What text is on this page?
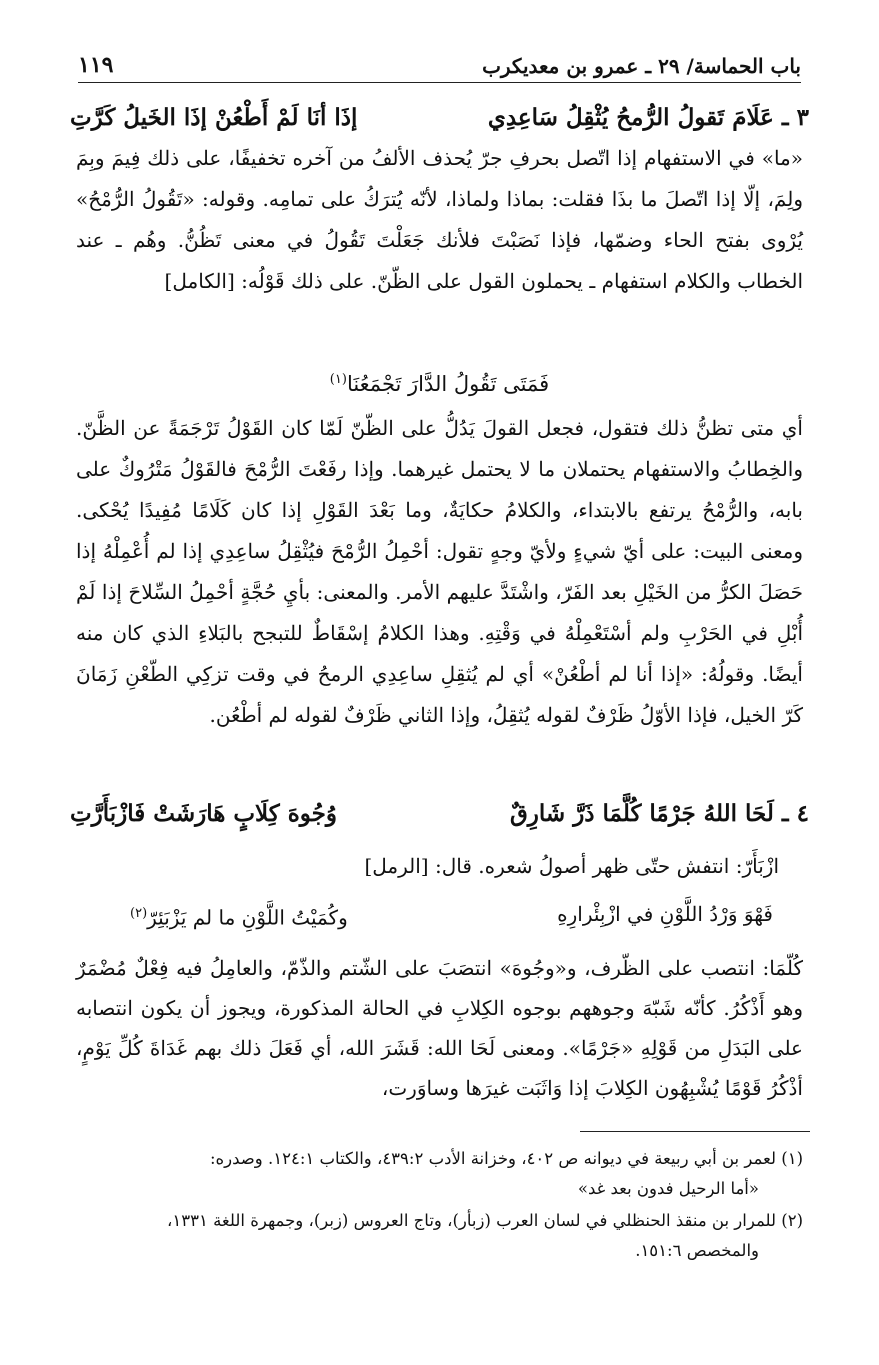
باب الحماسة/ ٢٩ ـ عمرو بن معديكرب
١١٩
٣ ـ عَلَامَ تَقولُ الرُّمحُ يُثْقِلُ سَاعِدِي
إذَا أنَا لَمْ أَطْعُنْ إذَا الخَيلُ كَرَّتِ

«ما» في الاستفهام إذا اتّصل بحرفِ جرّ يُحذف الألفُ من آخره تخفيفًا، على ذلك فِيمَ وبِمَ ولِمَ، إلّا إذا اتّصلَ ما بذَا فقلت: بماذا ولماذا، لأنّه يُترَكُ على تمامِه. وقوله: «تَقُولُ الرُّمْحُ» يُرْوى بفتح الحاء وضمّها، فإذا نَصَبْتَ فلأنك جَعَلْتَ تَقُولُ في معنى تَظُنُّ. وهُم ـ عند الخطاب والكلام استفهام ـ يحملون القول على الظّنّ. على ذلك قَوْلُه: [الكامل]

فَمَتَى تَقُولُ الدَّارَ تَجْمَعُنَا$^{(١)}$

أي متى تظنُّ ذلك فتقول، فجعل القولَ يَدُلُّ على الظّنّ لَمّا كان القَوْلُ تَرْجَمَةً عن الظَّنّ. والخِطابُ والاستفهام يحتملان ما لا يحتمل غيرهما. وإذا رفَعْتَ الرُّمْحَ فالقَوْلُ مَتْرُوكٌ على بابه، والرُّمْحُ يرتفع بالابتداء، والكلامُ حكايَةٌ، وما بَعْدَ القَوْلِ إذا كان كَلَامًا مُفِيدًا يُحْكى. ومعنى البيت: على أيّ شيءٍ ولأيّ وجهٍ تقول: أحْمِلُ الرُّمْحَ فيُثْقِلُ ساعِدِي إذا لم أُعْمِلْهُ إذا حَصَلَ الكرُّ من الخَيْلِ بعد الفَرّ، واشْتَدَّ عليهم الأمر. والمعنى: بأيِ حُجَّةٍ أحْمِلُ السِّلاحَ إذا لَمْ أُبْلِ في الحَرْبِ ولم أسْتَعْمِلْهُ في وَقْتِهِ. وهذا الكلامُ إسْقَاطٌ للتبجح بالبَلاءِ الذي كان منه أيضًا. وقولُهُ: «إذا أنا لم أطْعُنْ» أي لم يُثقِلِ ساعِدِي الرمحُ في وقت تزكِي الطّعْنِ زَمَانَ كَرّ الخيل، فإذا الأوّلُ ظَرْفٌ لقوله يُثقِلُ، وإذا الثاني ظَرْفٌ لقوله لم أطْعُن.

٤ ـ لَحَا اللهُ جَرْمًا كُلَّمَا ذَرَّ شَارِقٌ
وُجُوهَ كِلَابٍ هَارَشَتْ فَازْبَأَرَّتِ
ازْبَأَرّ: انتفش حتّى ظهر أصولُ شعره. قال: [الرمل]
فَهْوَ وَرْدُ اللَّوْنِ في ازْبِئْرارِهِ
وكُمَيْتُ اللَّوْنِ ما لم يَزْبَئِرّ$^{(٢)}$

كُلّمَا: انتصب على الظّرف، و«وجُوهَ» انتصَبَ على الشّتم والذّمّ، والعامِلُ فيه فِعْلٌ مُضْمَرٌ وهو أَذْكُرُ. كأنّه شَبّهَ وجوههم بوجوه الكِلابِ في الحالة المذكورة، ويجوز أن يكون انتصابه على البَدَلِ من قَوْلِهِ «جَرْمًا». ومعنى لَحَا الله: قَشَرَ الله، أي فَعَلَ ذلك بهم غَدَاةَ كُلِّ يَوْمٍ، أذْكُرُ قَوْمًا يُشْبِهُون الكِلابَ إذا وَاثَبَت غيرَها وساوَرت،

(١) لعمر بن أبي ربيعة في ديوانه ص ٤٠٢، وخزانة الأدب ٤٣٩:٢، والكتاب ١٢٤:١. وصدره:
«أما الرحيل فدون بعد غد»
(٢) للمرار بن منقذ الحنظلي في لسان العرب (زبأر)، وتاج العروس (زبر)، وجمهرة اللغة ١٣٣١،
والمخصص ١٥١:٦.
